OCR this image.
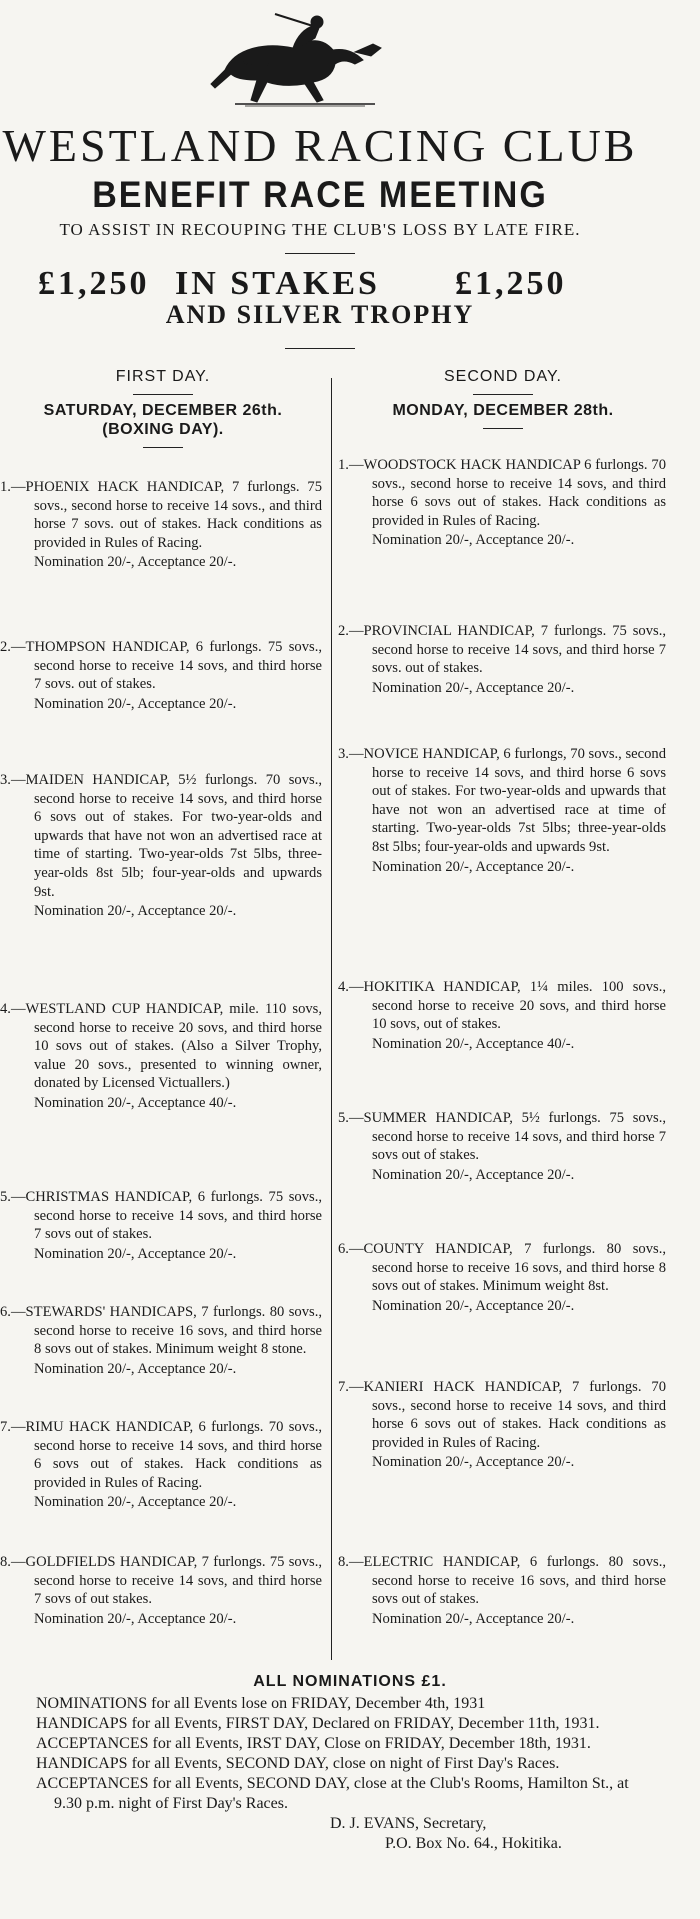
WESTLAND RACING CLUB
BENEFIT RACE MEETING
TO ASSIST IN RECOUPING THE CLUB'S LOSS BY LATE FIRE.
£1,250 IN STAKES £1,250
AND SILVER TROPHY
FIRST DAY.
SATURDAY, DECEMBER 26th.
(BOXING DAY).

1.—PHOENIX HACK HANDICAP, 7 furlongs. 75 sovs., second horse to receive 14 sovs., and third horse 7 sovs. out of stakes. Hack conditions as provided in Rules of Racing.

Nomination 20/-, Acceptance 20/-.

2.—THOMPSON HANDICAP, 6 furlongs. 75 sovs., second horse to receive 14 sovs, and third horse 7 sovs. out of stakes.

Nomination 20/-, Acceptance 20/-.

3.—MAIDEN HANDICAP, 5½ furlongs. 70 sovs., second horse to receive 14 sovs, and third horse 6 sovs out of stakes. For two-year-olds and upwards that have not won an advertised race at time of starting. Two-year-olds 7st 5lbs, three-year-olds 8st 5lb; four-year-olds and upwards 9st.

Nomination 20/-, Acceptance 20/-.

4.—WESTLAND CUP HANDICAP, mile. 110 sovs, second horse to receive 20 sovs, and third horse 10 sovs out of stakes. (Also a Silver Trophy, value 20 sovs., presented to winning owner, donated by Licensed Victuallers.)

Nomination 20/-, Acceptance 40/-.

5.—CHRISTMAS HANDICAP, 6 furlongs. 75 sovs., second horse to receive 14 sovs, and third horse 7 sovs out of stakes.

Nomination 20/-, Acceptance 20/-.

6.—STEWARDS' HANDICAPS, 7 furlongs. 80 sovs., second horse to receive 16 sovs, and third horse 8 sovs out of stakes. Minimum weight 8 stone.

Nomination 20/-, Acceptance 20/-.

7.—RIMU HACK HANDICAP, 6 furlongs. 70 sovs., second horse to receive 14 sovs, and third horse 6 sovs out of stakes. Hack conditions as provided in Rules of Racing.

Nomination 20/-, Acceptance 20/-.

8.—GOLDFIELDS HANDICAP, 7 furlongs. 75 sovs., second horse to receive 14 sovs, and third horse 7 sovs of out stakes.

Nomination 20/-, Acceptance 20/-.

SECOND DAY.
MONDAY, DECEMBER 28th.

1.—WOODSTOCK HACK HANDICAP 6 furlongs. 70 sovs., second horse to receive 14 sovs, and third horse 6 sovs out of stakes. Hack conditions as provided in Rules of Racing.

Nomination 20/-, Acceptance 20/-.

2.—PROVINCIAL HANDICAP, 7 furlongs. 75 sovs., second horse to receive 14 sovs, and third horse 7 sovs. out of stakes.

Nomination 20/-, Acceptance 20/-.

3.—NOVICE HANDICAP, 6 furlongs, 70 sovs., second horse to receive 14 sovs, and third horse 6 sovs out of stakes. For two-year-olds and upwards that have not won an advertised race at time of starting. Two-year-olds 7st 5lbs; three-year-olds 8st 5lbs; four-year-olds and upwards 9st.

Nomination 20/-, Acceptance 20/-.

4.—HOKITIKA HANDICAP, 1¼ miles. 100 sovs., second horse to receive 20 sovs, and third horse 10 sovs, out of stakes.

Nomination 20/-, Acceptance 40/-.

5.—SUMMER HANDICAP, 5½ furlongs. 75 sovs., second horse to receive 14 sovs, and third horse 7 sovs out of stakes.

Nomination 20/-, Acceptance 20/-.

6.—COUNTY HANDICAP, 7 furlongs. 80 sovs., second horse to receive 16 sovs, and third horse 8 sovs out of stakes. Minimum weight 8st.

Nomination 20/-, Acceptance 20/-.

7.—KANIERI HACK HANDICAP, 7 furlongs. 70 sovs., second horse to receive 14 sovs, and third horse 6 sovs out of stakes. Hack conditions as provided in Rules of Racing.

Nomination 20/-, Acceptance 20/-.

8.—ELECTRIC HANDICAP, 6 furlongs. 80 sovs., second horse to receive 16 sovs, and third horse sovs out of stakes.

Nomination 20/-, Acceptance 20/-.

ALL NOMINATIONS £1.

NOMINATIONS for all Events lose on FRIDAY, December 4th, 1931

HANDICAPS for all Events, FIRST DAY, Declared on FRIDAY, December 11th, 1931.

ACCEPTANCES for all Events, IRST DAY, Close on FRIDAY, December 18th, 1931.

HANDICAPS for all Events, SECOND DAY, close on night of First Day's Races.

ACCEPTANCES for all Events, SECOND DAY, close at the Club's Rooms, Hamilton St., at 9.30 p.m. night of First Day's Races.

D. J. EVANS, Secretary,

P.O. Box No. 64., Hokitika.
